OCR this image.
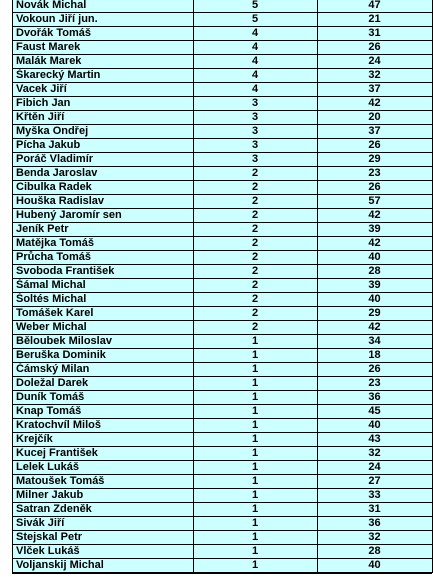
Novák Michal	5	47
Vokoun Jiří jun.	5	21
Dvořák Tomáš	4	31
Faust Marek	4	26
Malák Marek	4	24
Škarecký Martin	4	32
Vacek Jiří	4	37
Fibich Jan	3	42
Křtěn Jiří	3	20
Myška Ondřej	3	37
Pícha Jakub	3	26
Poráč Vladimír	3	29
Benda Jaroslav	2	23
Cibulka Radek	2	26
Houška Radislav	2	57
Hubený Jaromír sen	2	42
Jeník Petr	2	39
Matějka Tomáš	2	42
Průcha Tomáš	2	40
Svoboda František	2	28
Šámal Michal	2	39
Šoltés Michal	2	40
Tomášek Karel	2	29
Weber Michal	2	42
Běloubek Miloslav	1	34
Beruška Dominik	1	18
Čámský Milan	1	26
Doležal Darek	1	23
Duník Tomáš	1	36
Knap Tomáš	1	45
Kratochvíl Miloš	1	40
Krejčík	1	43
Kucej František	1	32
Lelek Lukáš	1	24
Matoušek Tomáš	1	27
Milner Jakub	1	33
Satran Zdeněk	1	31
Sivák Jiří	1	36
Stejskal Petr	1	32
Vlček Lukáš	1	28
Voljanskij Michal	1	40
